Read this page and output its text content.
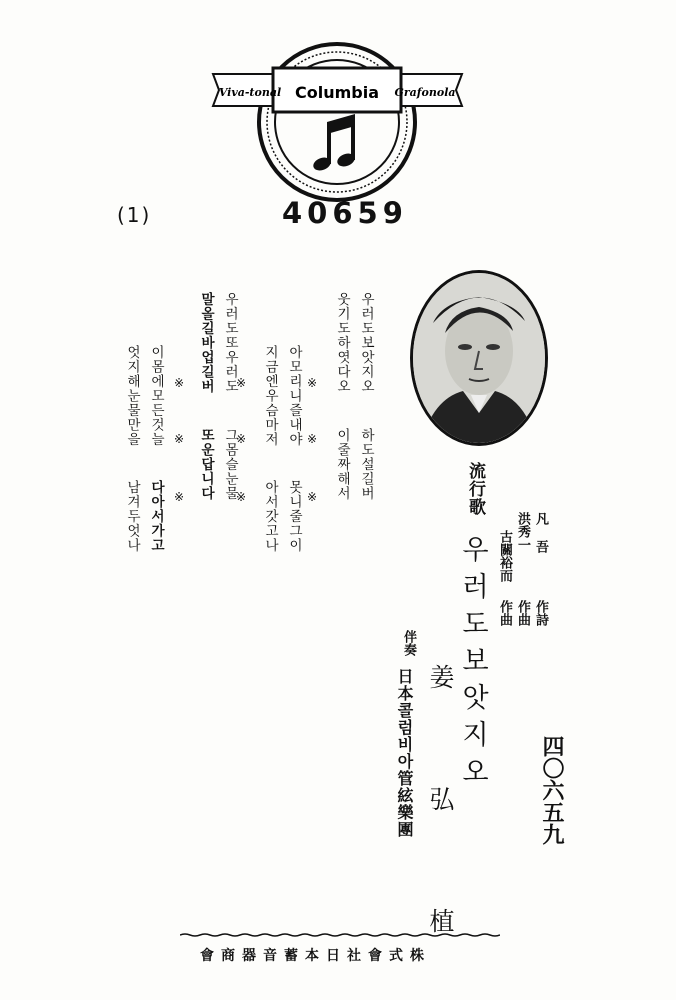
Viva-tonal Columbia Grafonola
(1)	40659
우러도보앗지오
하도설길버
웃기도하엿다오
이줄짜해서
※
※
※
아모리니즐내야
못니줄그이
지금엔우슴마저
아서갓고나
※
※
※
우러도또우러도
그몸슬눈물
말올길바업길버
또운답니다
※
※
※
이몸에모든것늘
다아서가고
엇지해눈물만을
남겨두엇나	流行歌
우러도보앗지오
姜 弘 植
凡 吾
作詩
洪秀一
作曲
古關裕而
作曲
伴奏
日本콜럼비아管絃樂團	四〇六五九
會商器音蓄本日社會式株
